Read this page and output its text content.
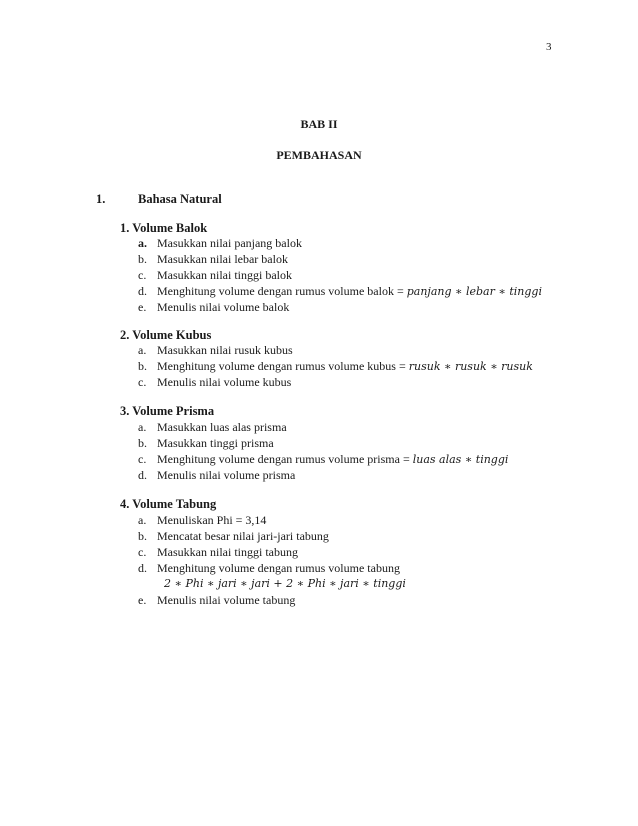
3
BAB II
PEMBAHASAN
1.	Bahasa Natural
1. Volume Balok
a. Masukkan nilai panjang balok
b. Masukkan nilai lebar balok
c. Masukkan nilai tinggi balok
d. Menghitung volume dengan rumus volume balok = panjang ∗ lebar ∗ tinggi
e. Menulis nilai volume balok
2. Volume Kubus
a. Masukkan nilai rusuk kubus
b. Menghitung volume dengan rumus volume kubus = rusuk ∗ rusuk ∗ rusuk
c. Menulis nilai volume kubus
3. Volume Prisma
a. Masukkan luas alas prisma
b. Masukkan tinggi prisma
c. Menghitung volume dengan rumus volume prisma = luas alas ∗ tinggi
d. Menulis nilai volume prisma
4. Volume Tabung
a. Menuliskan Phi = 3,14
b. Mencatat besar nilai jari-jari tabung
c. Masukkan nilai tinggi tabung
d. Menghitung volume dengan rumus volume tabung
2 ∗ Phi ∗ jari ∗ jari + 2 ∗ Phi ∗ jari ∗ tinggi
e. Menulis nilai volume tabung
